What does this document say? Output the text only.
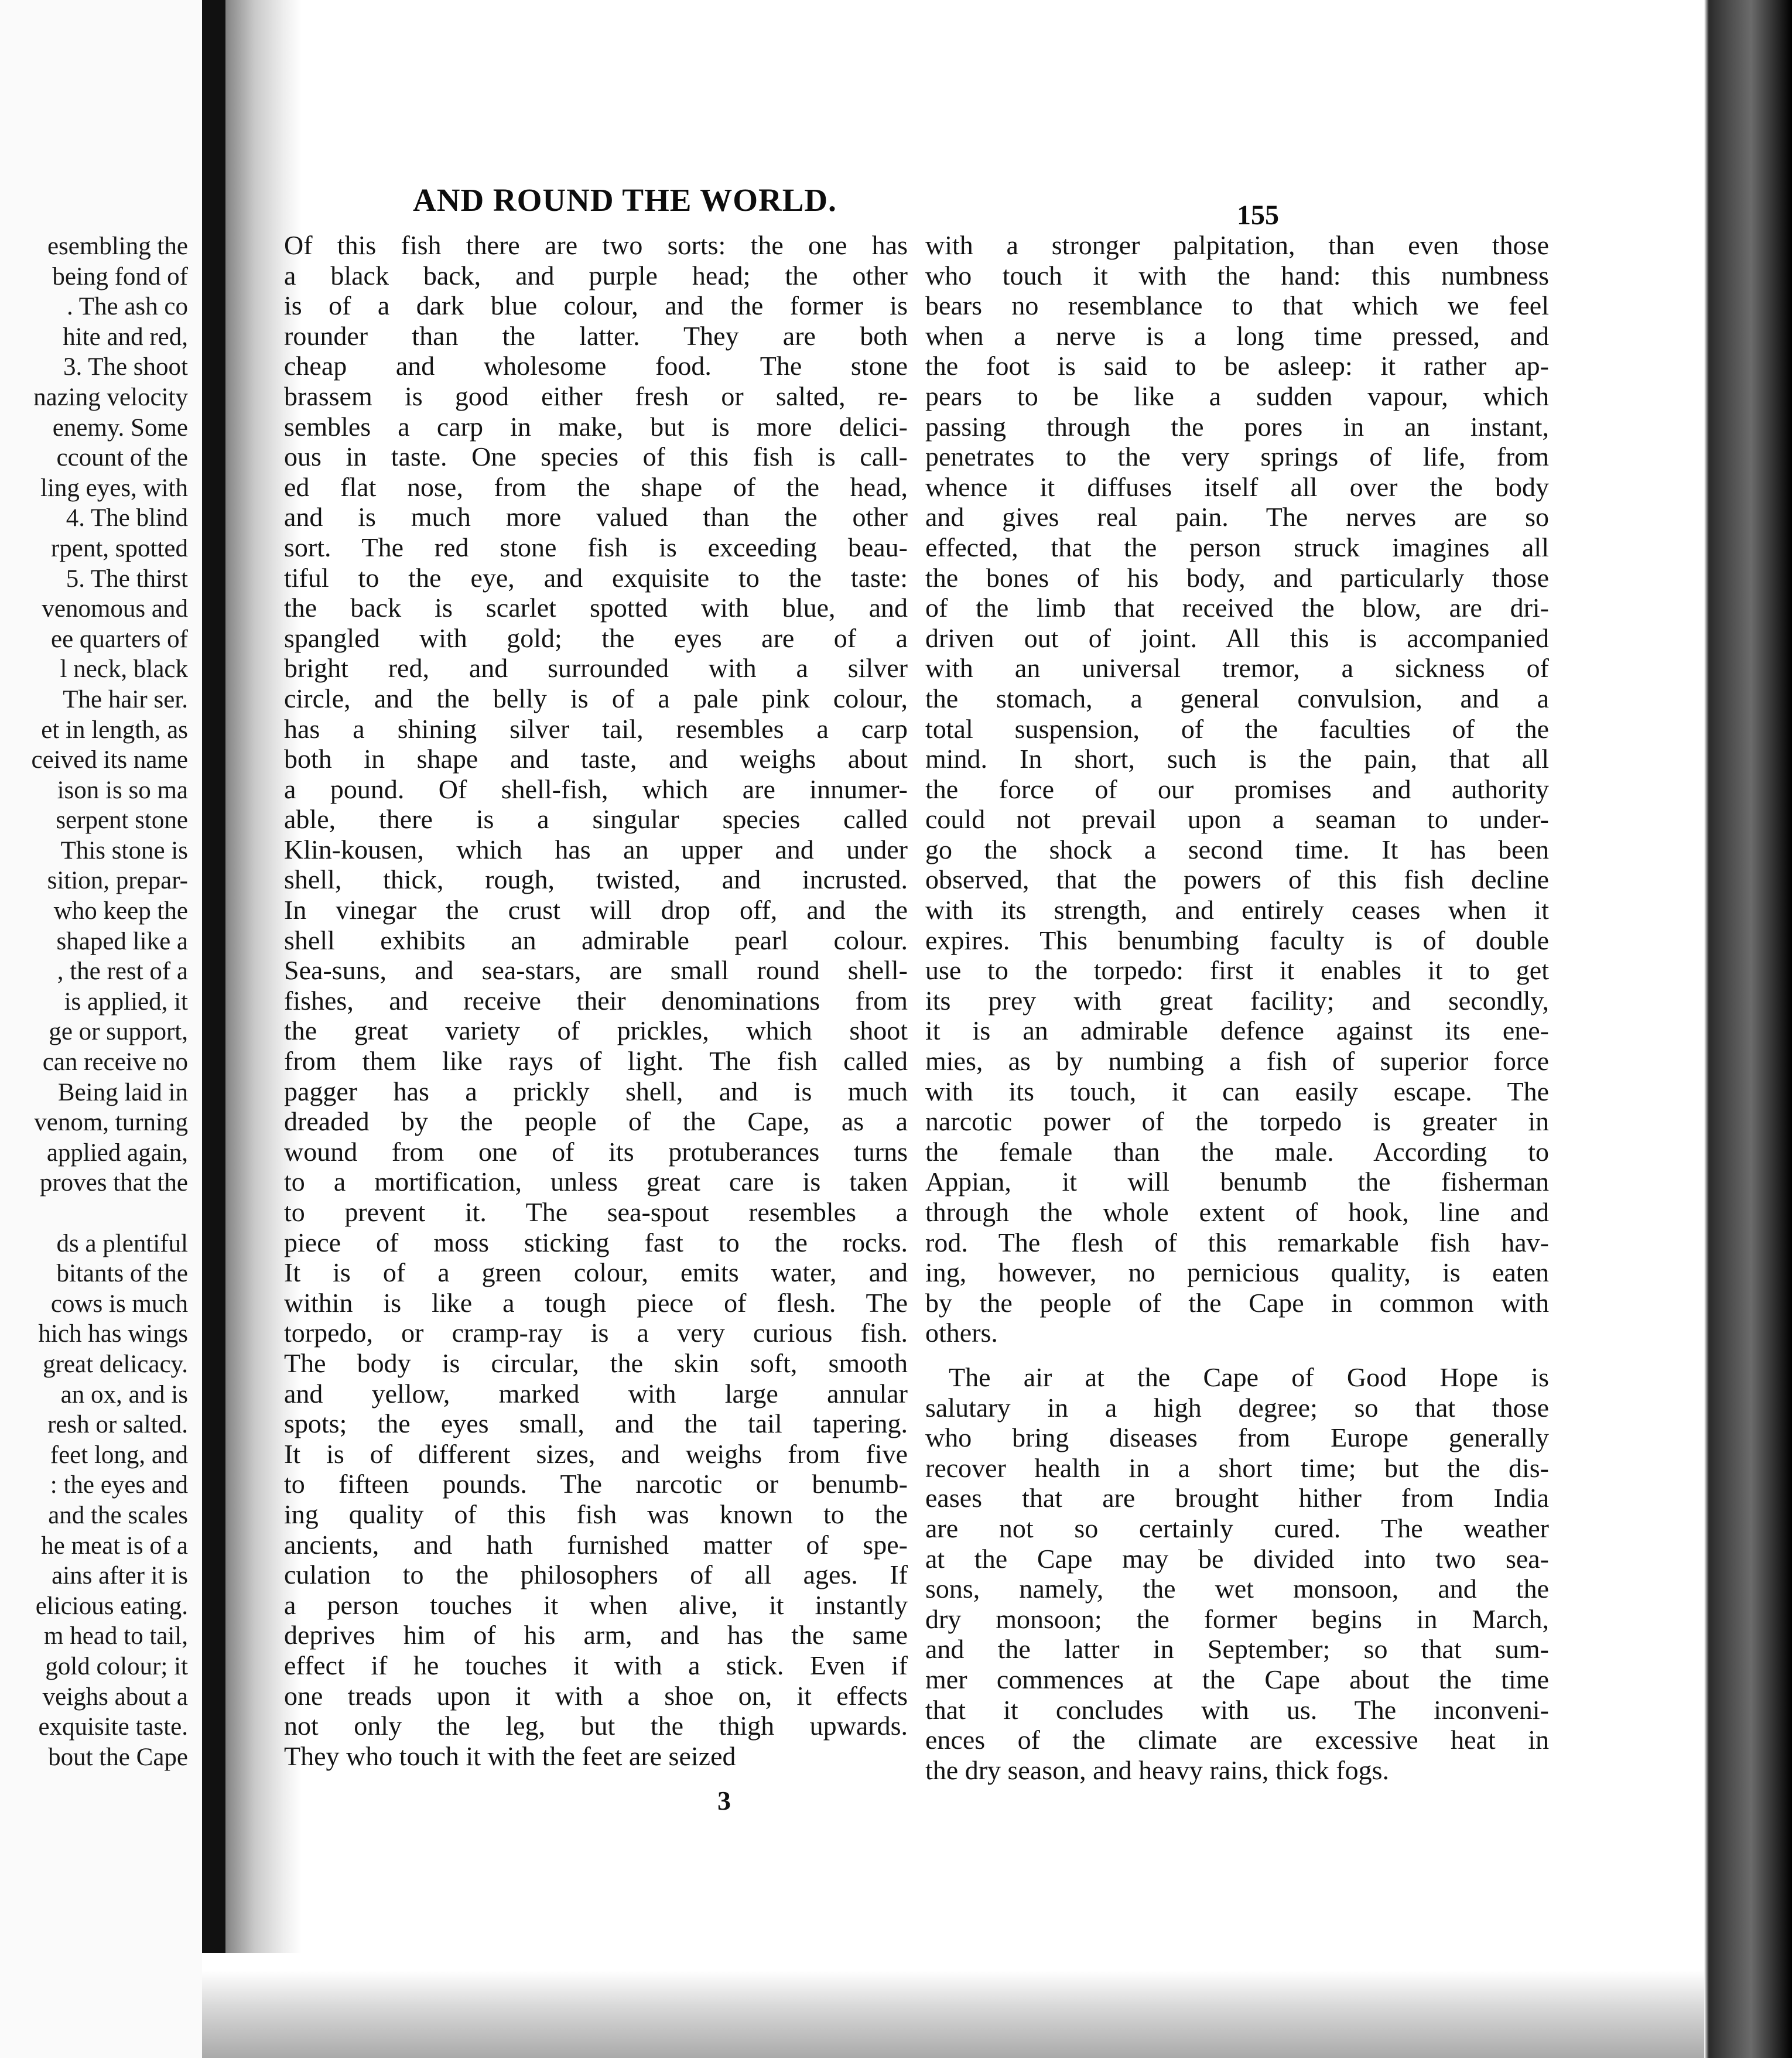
esembling the
being fond of
. The ash co
hite and red,
3. The shoot
nazing velocity
enemy. Some
ccount of the
ling eyes, with
4. The blind
rpent, spotted
5. The thirst
venomous and
ee quarters of
l neck, black
The hair ser.
et in length, as
ceived its name
ison is so ma
serpent stone
This stone is
sition, prepar-
who keep the
shaped like a
, the rest of a
is applied, it
ge or support,
can receive no
Being laid in
venom, turning
applied again,
proves that the
ds a plentiful
bitants of the
cows is much
hich has wings
great delicacy.
an ox, and is
resh or salted.
feet long, and
: the eyes and
and the scales
he meat is of a
ains after it is
elicious eating.
m head to tail,
gold colour; it
veighs about a
exquisite taste.
bout the Cape
AND ROUND THE WORLD.	155
Of this fish there are two sorts: the one has
a black back, and purple head; the other
is of a dark blue colour, and the former is
rounder than the latter. They are both
cheap and wholesome food. The stone
brassem is good either fresh or salted, re-
sembles a carp in make, but is more delici-
ous in taste. One species of this fish is call-
ed flat nose, from the shape of the head,
and is much more valued than the other
sort. The red stone fish is exceeding beau-
tiful to the eye, and exquisite to the taste:
the back is scarlet spotted with blue, and
spangled with gold; the eyes are of a
bright red, and surrounded with a silver
circle, and the belly is of a pale pink colour,
has a shining silver tail, resembles a carp
both in shape and taste, and weighs about
a pound. Of shell-fish, which are innumer-
able, there is a singular species called
Klin-kousen, which has an upper and under
shell, thick, rough, twisted, and incrusted.
In vinegar the crust will drop off, and the
shell exhibits an admirable pearl colour.
Sea-suns, and sea-stars, are small round shell-
fishes, and receive their denominations from
the great variety of prickles, which shoot
from them like rays of light. The fish called
pagger has a prickly shell, and is much
dreaded by the people of the Cape, as a
wound from one of its protuberances turns
to a mortification, unless great care is taken
to prevent it. The sea-spout resembles a
piece of moss sticking fast to the rocks.
It is of a green colour, emits water, and
within is like a tough piece of flesh. The
torpedo, or cramp-ray is a very curious fish.
The body is circular, the skin soft, smooth
and yellow, marked with large annular
spots; the eyes small, and the tail tapering.
It is of different sizes, and weighs from five
to fifteen pounds. The narcotic or benumb-
ing quality of this fish was known to the
ancients, and hath furnished matter of spe-
culation to the philosophers of all ages. If
a person touches it when alive, it instantly
deprives him of his arm, and has the same
effect if he touches it with a stick. Even if
one treads upon it with a shoe on, it effects
not only the leg, but the thigh upwards.
They who touch it with the feet are seized
with a stronger palpitation, than even those
who touch it with the hand: this numbness
bears no resemblance to that which we feel
when a nerve is a long time pressed, and
the foot is said to be asleep: it rather ap-
pears to be like a sudden vapour, which
passing through the pores in an instant,
penetrates to the very springs of life, from
whence it diffuses itself all over the body
and gives real pain. The nerves are so
effected, that the person struck imagines all
the bones of his body, and particularly those
of the limb that received the blow, are dri-
driven out of joint. All this is accompanied
with an universal tremor, a sickness of
the stomach, a general convulsion, and a
total suspension, of the faculties of the
mind. In short, such is the pain, that all
the force of our promises and authority
could not prevail upon a seaman to under-
go the shock a second time. It has been
observed, that the powers of this fish decline
with its strength, and entirely ceases when it
expires. This benumbing faculty is of double
use to the torpedo: first it enables it to get
its prey with great facility; and secondly,
it is an admirable defence against its ene-
mies, as by numbing a fish of superior force
with its touch, it can easily escape. The
narcotic power of the torpedo is greater in
the female than the male. According to
Appian, it will benumb the fisherman
through the whole extent of hook, line and
rod. The flesh of this remarkable fish hav-
ing, however, no pernicious quality, is eaten
by the people of the Cape in common with
others.
The air at the Cape of Good Hope is
salutary in a high degree; so that those
who bring diseases from Europe generally
recover health in a short time; but the dis-
eases that are brought hither from India
are not so certainly cured. The weather
at the Cape may be divided into two sea-
sons, namely, the wet monsoon, and the
dry monsoon; the former begins in March,
and the latter in September; so that sum-
mer commences at the Cape about the time
that it concludes with us. The inconveni-
ences of the climate are excessive heat in
the dry season, and heavy rains, thick fogs.
3
